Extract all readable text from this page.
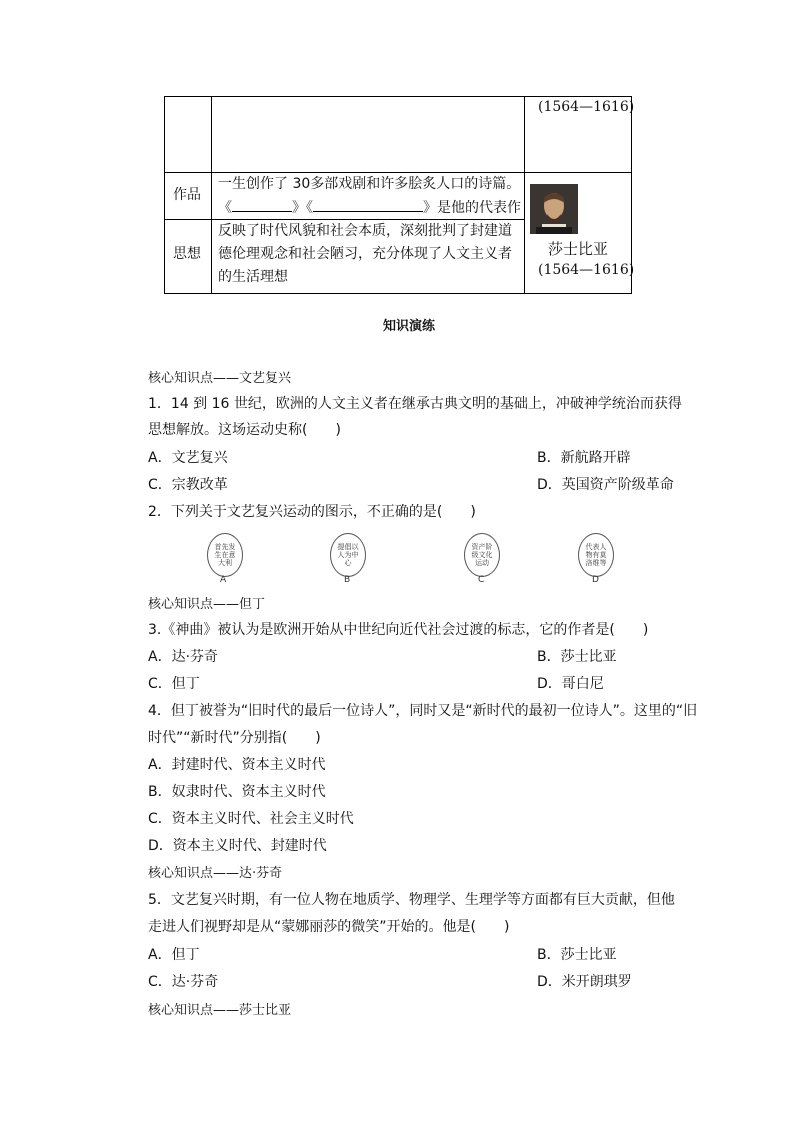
(1564—1616)
作品
一生创作了 30多部戏剧和许多脍炙人口的诗篇。
《	》《	》是他的代表作
思想
反映了时代风貌和社会本质，深刻批判了封建道
德伦理观念和社会陋习，充分体现了人文主义者
的生活理想
莎士比亚
(1564—1616)
知识演练
核心知识点——文艺复兴
1．14 到 16 世纪，欧洲的人文主义者在继承古典文明的基础上，冲破神学统治而获得
思想解放。这场运动史称(　　)
A．文艺复兴	B．新航路开辟
C．宗教改革	D．英国资产阶级革命
2．下列关于文艺复兴运动的图示，不正确的是(　　)
首先发生在意大利
A
提倡以人为中心
B
资产阶级文化运动
C
代表人物有莫洛维等
D
核心知识点——但丁
3.《神曲》被认为是欧洲开始从中世纪向近代社会过渡的标志，它的作者是(　　)
A．达·芬奇	B．莎士比亚
C．但丁	D．哥白尼
4．但丁被誉为“旧时代的最后一位诗人”，同时又是“新时代的最初一位诗人”。这里的“旧
时代”“新时代”分别指(　　)
A．封建时代、资本主义时代
B．奴隶时代、资本主义时代
C．资本主义时代、社会主义时代
D．资本主义时代、封建时代
核心知识点——达·芬奇
5．文艺复兴时期，有一位人物在地质学、物理学、生理学等方面都有巨大贡献，但他
走进人们视野却是从“蒙娜丽莎的微笑”开始的。他是(　　)
A．但丁	B．莎士比亚
C．达·芬奇	D．米开朗琪罗
核心知识点——莎士比亚
